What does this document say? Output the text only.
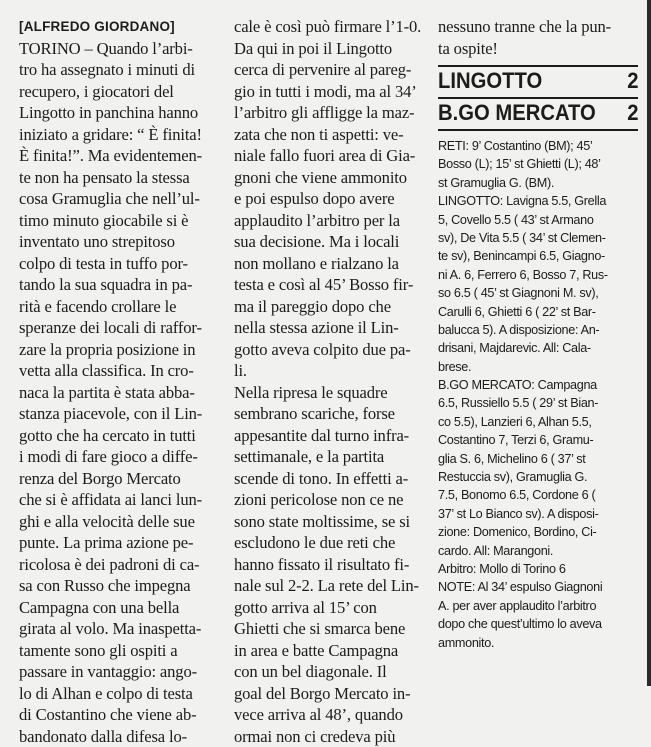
[ALFREDO GIORDANO]
TORINO – Quando l’arbi-
tro ha assegnato i minuti di
recupero, i giocatori del
Lingotto in panchina hanno
iniziato a gridare: “ È finita!
È finita!”. Ma evidentemen-
te non ha pensato la stessa
cosa Gramuglia che nell’ul-
timo minuto giocabile si è
inventato uno strepitoso
colpo di testa in tuffo por-
tando la sua squadra in pa-
rità e facendo crollare le
speranze dei locali di raffor-
zare la propria posizione in
vetta alla classifica. In cro-
naca la partita è stata abba-
stanza piacevole, con il Lin-
gotto che ha cercato in tutti
i modi di fare gioco a diffe-
renza del Borgo Mercato
che si è affidata ai lanci lun-
ghi e alla velocità delle sue
punte. La prima azione pe-
ricolosa è dei padroni di ca-
sa con Russo che impegna
Campagna con una bella
girata al volo. Ma inaspetta-
tamente sono gli ospiti a
passare in vantaggio: ango-
lo di Alhan e colpo di testa
di Costantino che viene ab-
bandonato dalla difesa lo-
cale è così può firmare l’1-0.
Da qui in poi il Lingotto
cerca di pervenire al pareg-
gio in tutti i modi, ma al 34’
l’arbitro gli affligge la maz-
zata che non ti aspetti: ve-
niale fallo fuori area di Gia-
gnoni che viene ammonito
e poi espulso dopo avere
applaudito l’arbitro per la
sua decisione. Ma i locali
non mollano e rialzano la
testa e così al 45’ Bosso fir-
ma il pareggio dopo che
nella stessa azione il Lin-
gotto aveva colpito due pa-
li.
Nella ripresa le squadre
sembrano scariche, forse
appesantite dal turno infra-
settimanale, e la partita
scende di tono. In effetti a-
zioni pericolose non ce ne
sono state moltissime, se si
escludono le due reti che
hanno fissato il risultato fi-
nale sul 2-2. La rete del Lin-
gotto arriva al 15’ con
Ghietti che si smarca bene
in area e batte Campagna
con un bel diagonale. Il
goal del Borgo Mercato in-
vece arriva al 48’, quando
ormai non ci credeva più
nessuno tranne che la pun-
ta ospite!
LINGOTTO	2
B.GO MERCATO 2
RETI: 9’ Costantino (BM); 45’
Bosso (L); 15’ st Ghietti (L); 48’
st Gramuglia G. (BM).
LINGOTTO: Lavigna 5.5, Grella
5, Covello 5.5 ( 43’ st Armano
sv), De Vita 5.5 ( 34’ st Clemen-
te sv), Benincampi 6.5, Giagno-
ni A. 6, Ferrero 6, Bosso 7, Rus-
so 6.5 ( 45’ st Giagnoni M. sv),
Carulli 6, Ghietti 6 ( 22’ st Bar-
balucca 5). A disposizione: An-
drisani, Majdarevic. All: Cala-
brese.
B.GO MERCATO: Campagna
6.5, Russiello 5.5 ( 29’ st Bian-
co 5.5), Lanzieri 6, Alhan 5.5,
Costantino 7, Terzi 6, Gramu-
glia S. 6, Michelino 6 ( 37’ st
Restuccia sv), Gramuglia G.
7.5, Bonomo 6.5, Cordone 6 (
37’ st Lo Bianco sv). A disposi-
zione: Domenico, Bordino, Ci-
cardo. All: Marangoni.
Arbitro: Mollo di Torino 6
NOTE: Al 34’ espulso Giagnoni
A. per aver applaudito l’arbitro
dopo che quest’ultimo lo aveva
ammonito.
